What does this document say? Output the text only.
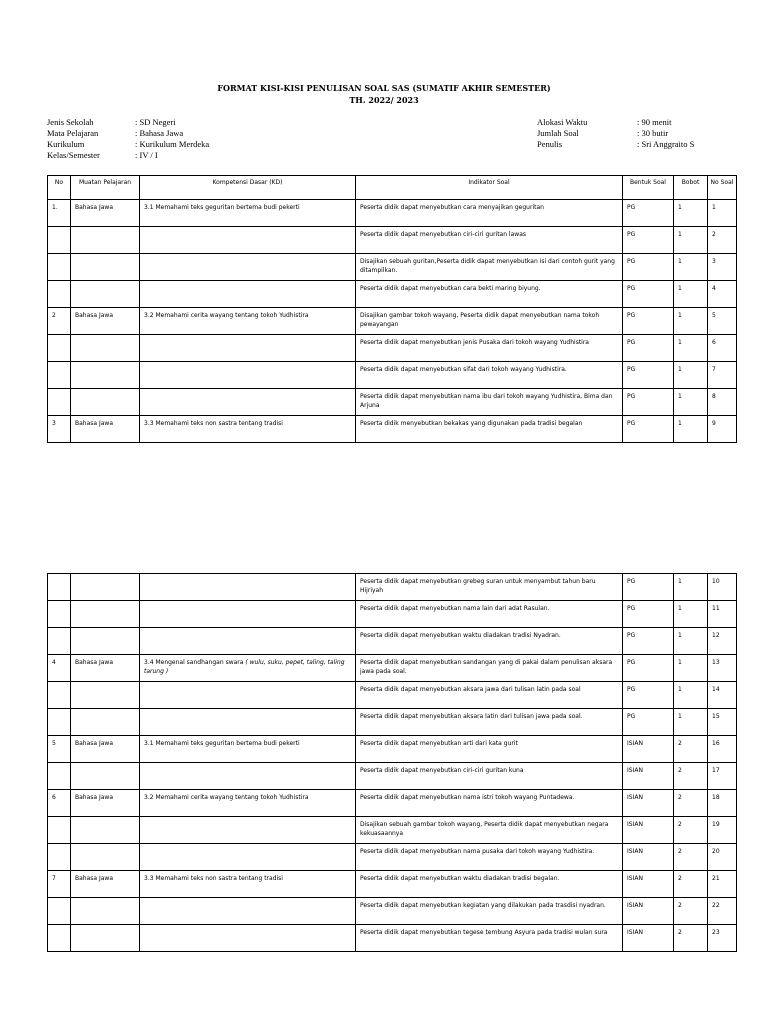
FORMAT KISI-KISI PENULISAN SOAL SAS (SUMATIF AKHIR SEMESTER)
TH. 2022/ 2023
Jenis Sekolah	: SD Negeri
Mata Pelajaran	: Bahasa Jawa
Kurikulum	: Kurikulum Merdeka
Kelas/Semester	: IV / I
Alokasi Waktu	: 90 menit
Jumlah Soal	: 30 butir
Penulis	: Sri Anggraito S
No	Muatan Pelajaran	Kompetensi Dasar (KD)	Indikator Soal	Bentuk Soal	Bobot	No Soal
1.	Bahasa Jawa	3.1 Memahami teks geguritan bertema budi pekerti	Peserta didik dapat menyebutkan cara menyajikan geguritan	PG	1	1
			Peserta didik dapat menyebutkan ciri-ciri guritan lawas	PG	1	2
			Disajikan sebuah guritan,Peserta didik dapat menyebutkan isi dari contoh gurit yang ditampilkan.	PG	1	3
			Peserta didik dapat menyebutkan cara bekti maring biyung.	PG	1	4
2	Bahasa Jawa	3.2 Memahami cerita wayang tentang tokoh Yudhistira	Disajikan gambar tokoh wayang, Peserta didik dapat menyebutkan nama tokoh pewayangan	PG	1	5
			Peserta didik dapat menyebutkan jenis Pusaka dari tokoh wayang Yudhistira	PG	1	6
			Peserta didik dapat menyebutkan sifat dari tokoh wayang Yudhistira.	PG	1	7
			Peserta didik dapat menyebutkan nama ibu dari tokoh wayang Yudhistira, Bima dan Arjuna	PG	1	8
3	Bahasa Jawa	3.3 Memahami teks non sastra tentang tradisi	Peserta didik menyebutkan bekakas yang digunakan pada tradisi begalan	PG	1	9
			Peserta didik dapat menyebutkan grebeg suran untuk menyambut tahun baru Hijriyah	PG	1	10
			Peserta didik dapat menyebutkan nama lain dari adat Rasulan.	PG	1	11
			Peserta didik dapat menyebutkan waktu diadakan tradisi Nyadran.	PG	1	12
4	Bahasa Jawa	3.4 Mengenal sandhangan swara ( wulu, suku, pepet, taling, taling tarung )	Peserta didik dapat menyebutkan sandangan yang di pakai dalam penulisan aksara jawa pada soal.	PG	1	13
			Peserta didik dapat menyebutkan aksara jawa dari tulisan latin pada soal	PG	1	14
			Peserta didik dapat menyebutkan aksara latin dari tulisan jawa pada soal.	PG	1	15
5	Bahasa Jawa	3.1 Memahami teks geguritan bertema budi pekerti	Peserta didik dapat menyebutkan arti dari kata gurit	ISIAN	2	16
			Peserta didik dapat menyebutkan ciri-ciri guritan kuna	ISIAN	2	17
6	Bahasa Jawa	3.2 Memahami cerita wayang tentang tokoh Yudhistira	Peserta didik dapat menyebutkan nama istri tokoh wayang Puntadewa.	ISIAN	2	18
			Disajikan sebuah gambar tokoh wayang, Peserta didik dapat menyebutkan negara kekuasaannya	ISIAN	2	19
			Peserta didik dapat menyebutkan nama pusaka dari tokoh wayang Yudhistira.	ISIAN	2	20
7	Bahasa Jawa	3.3 Memahami teks non sastra tentang tradisi	Peserta didik dapat menyebutkan waktu diadakan tradisi begalan.	ISIAN	2	21
			Peserta didik dapat menyebutkan kegiatan yang dilakukan pada trasdisi nyadran.	ISIAN	2	22
			Peserta didik dapat menyebutkan tegese tembung Asyura pada tradisi wulan sura	ISIAN	2	23
